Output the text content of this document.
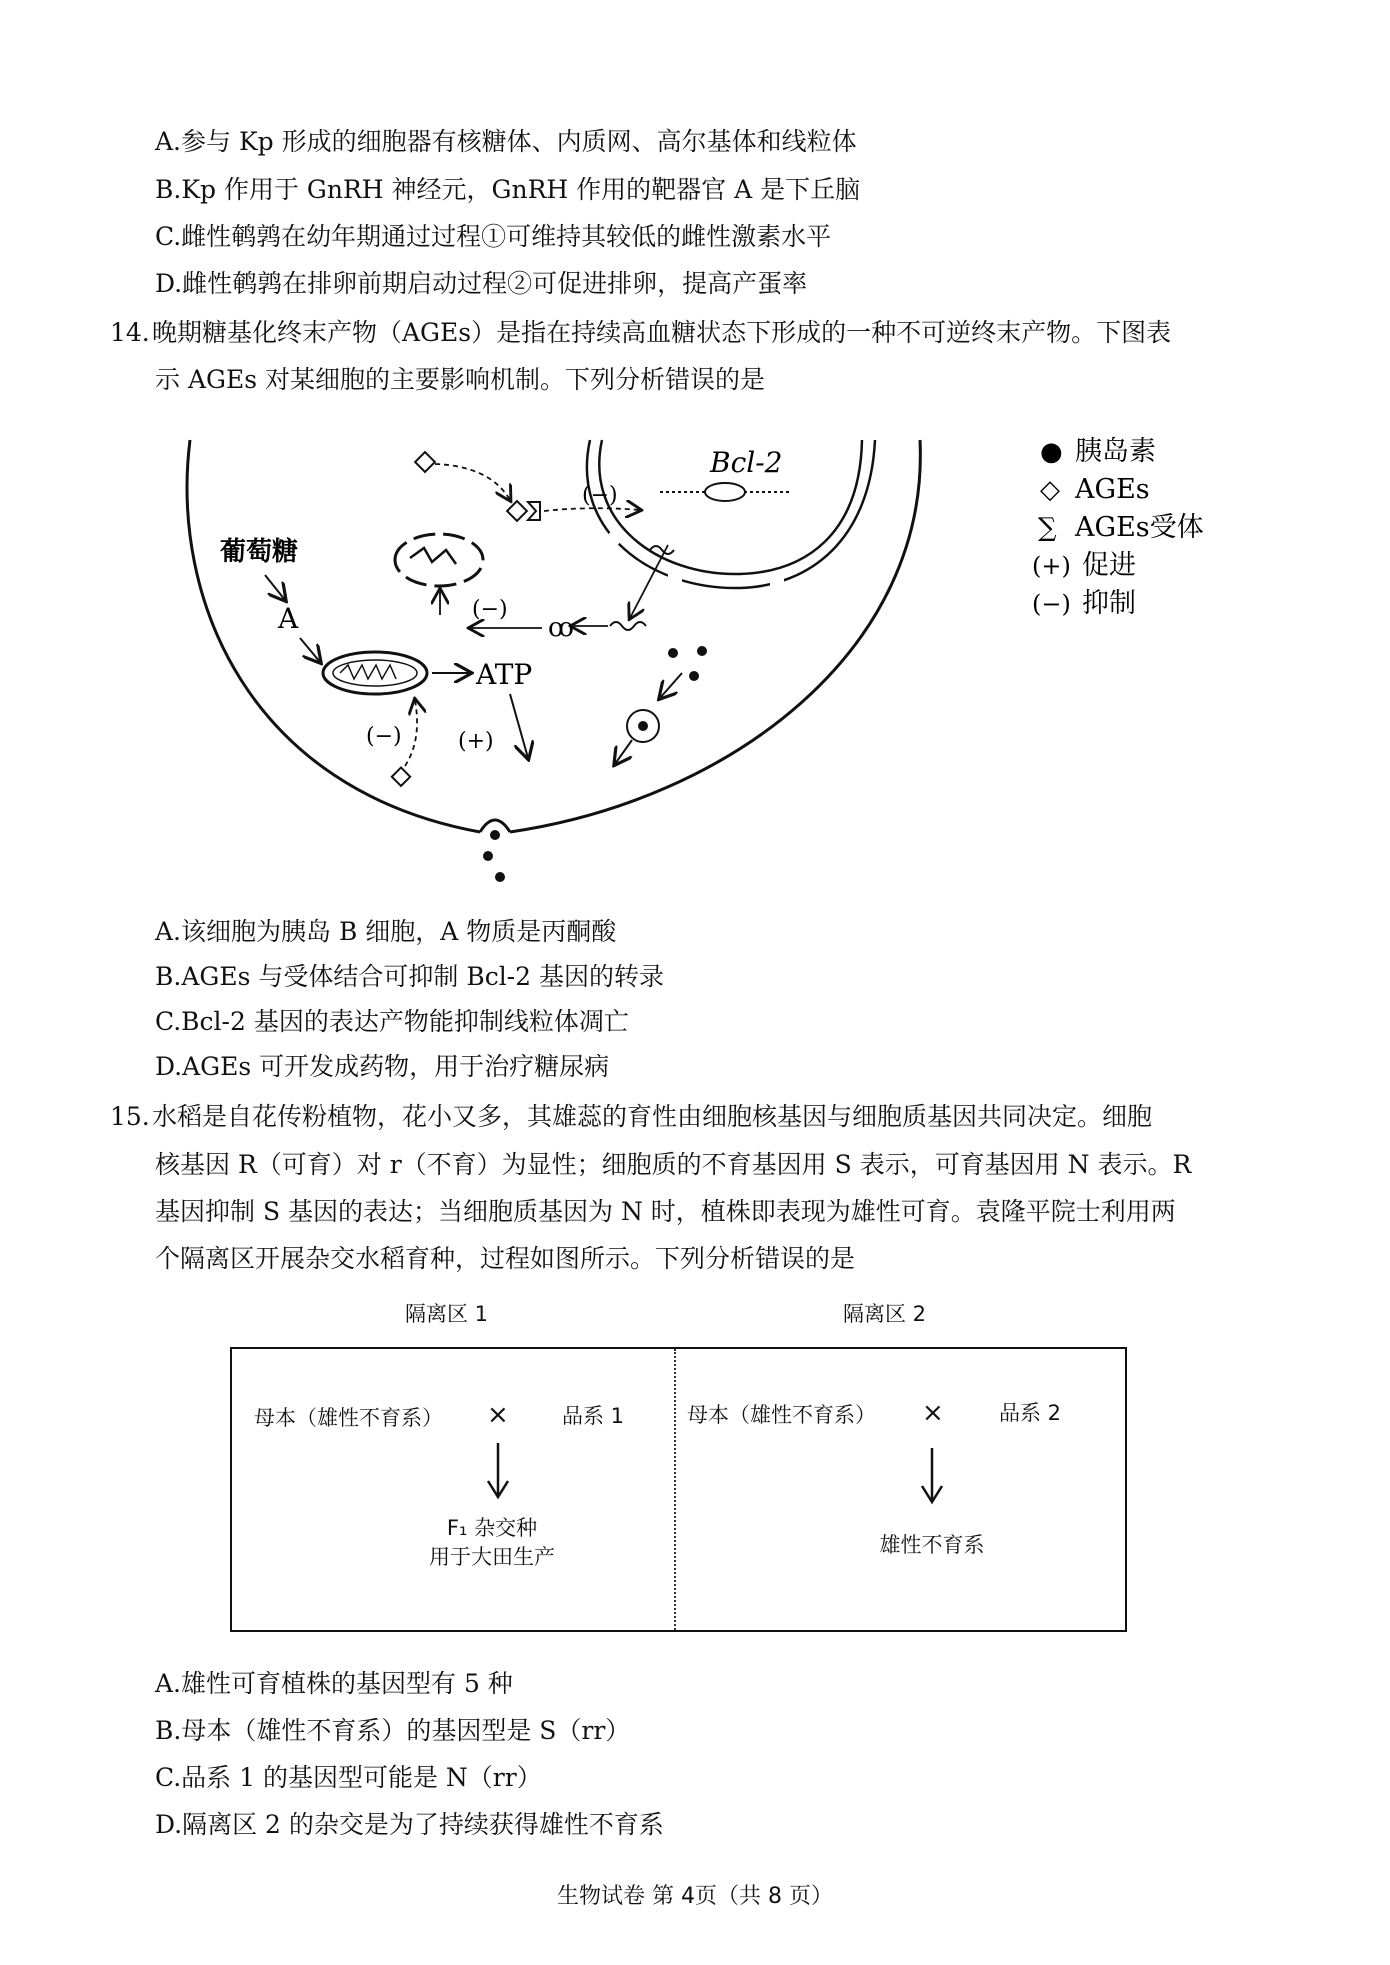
A.参与 Kp 形成的细胞器有核糖体、内质网、高尔基体和线粒体
B.Kp 作用于 GnRH 神经元，GnRH 作用的靶器官 A 是下丘脑
C.雌性鹌鹑在幼年期通过过程①可维持其较低的雌性激素水平
D.雌性鹌鹑在排卵前期启动过程②可促进排卵，提高产蛋率
14. 晚期糖基化终末产物（AGEs）是指在持续高血糖状态下形成的一种不可逆终末产物。下图表
示 AGEs 对某细胞的主要影响机制。下列分析错误的是
Bcl-2
ꝏ
(−)
(−)
葡萄糖
A
ATP
(−)	(+)
● 胰岛素
◇ AGEs
∑ AGEs受体
(+) 促进
(−) 抑制
A.该细胞为胰岛 B 细胞，A 物质是丙酮酸
B.AGEs 与受体结合可抑制 Bcl-2 基因的转录
C.Bcl-2 基因的表达产物能抑制线粒体凋亡
D.AGEs 可开发成药物，用于治疗糖尿病
15. 水稻是自花传粉植物，花小又多，其雄蕊的育性由细胞核基因与细胞质基因共同决定。细胞
核基因 R（可育）对 r（不育）为显性；细胞质的不育基因用 S 表示，可育基因用 N 表示。R
基因抑制 S 基因的表达；当细胞质基因为 N 时，植株即表现为雄性可育。袁隆平院士利用两
个隔离区开展杂交水稻育种，过程如图所示。下列分析错误的是
隔离区 1	隔离区 2
母本（雄性不育系） ×	品系 1
F₁ 杂交种
用于大田生产
母本（雄性不育系） ×	品系 2
雄性不育系
A.雄性可育植株的基因型有 5 种
B.母本（雄性不育系）的基因型是 S（rr）
C.品系 1 的基因型可能是 N（rr）
D.隔离区 2 的杂交是为了持续获得雄性不育系
生物试卷 第 4页（共 8 页）
